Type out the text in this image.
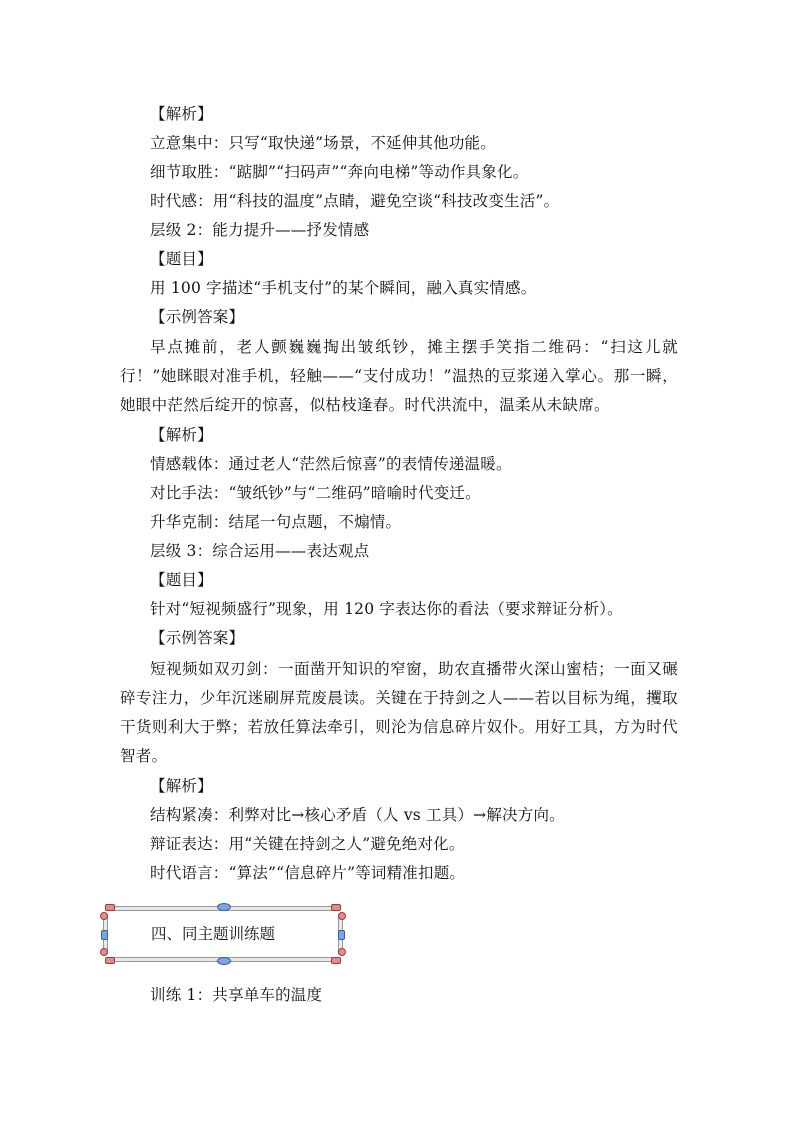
【解析】
立意集中：只写“取快递”场景，不延伸其他功能。
细节取胜：“踮脚”“扫码声”“奔向电梯”等动作具象化。
时代感：用“科技的温度”点睛，避免空谈“科技改变生活”。
层级 2：能力提升——抒发情感
【题目】
用 100 字描述“手机支付”的某个瞬间，融入真实情感。
【示例答案】
早点摊前，老人颤巍巍掏出皱纸钞，摊主摆手笑指二维码：“扫这儿就行！”她眯眼对准手机，轻触——“支付成功！”温热的豆浆递入掌心。那一瞬，她眼中茫然后绽开的惊喜，似枯枝逢春。时代洪流中，温柔从未缺席。
【解析】
情感载体：通过老人“茫然后惊喜”的表情传递温暖。
对比手法：“皱纸钞”与“二维码”暗喻时代变迁。
升华克制：结尾一句点题，不煽情。
层级 3：综合运用——表达观点
【题目】
针对“短视频盛行”现象，用 120 字表达你的看法（要求辩证分析）。
【示例答案】
短视频如双刃剑：一面凿开知识的窄窗，助农直播带火深山蜜桔；一面又碾碎专注力，少年沉迷刷屏荒废晨读。关键在于持剑之人——若以目标为绳，攫取干货则利大于弊；若放任算法牵引，则沦为信息碎片奴仆。用好工具，方为时代智者。
【解析】
结构紧凑：利弊对比→核心矛盾（人 vs 工具）→解决方向。
辩证表达：用“关键在持剑之人”避免绝对化。
时代语言：“算法”“信息碎片”等词精准扣题。
四、同主题训练题
训练 1：共享单车的温度
